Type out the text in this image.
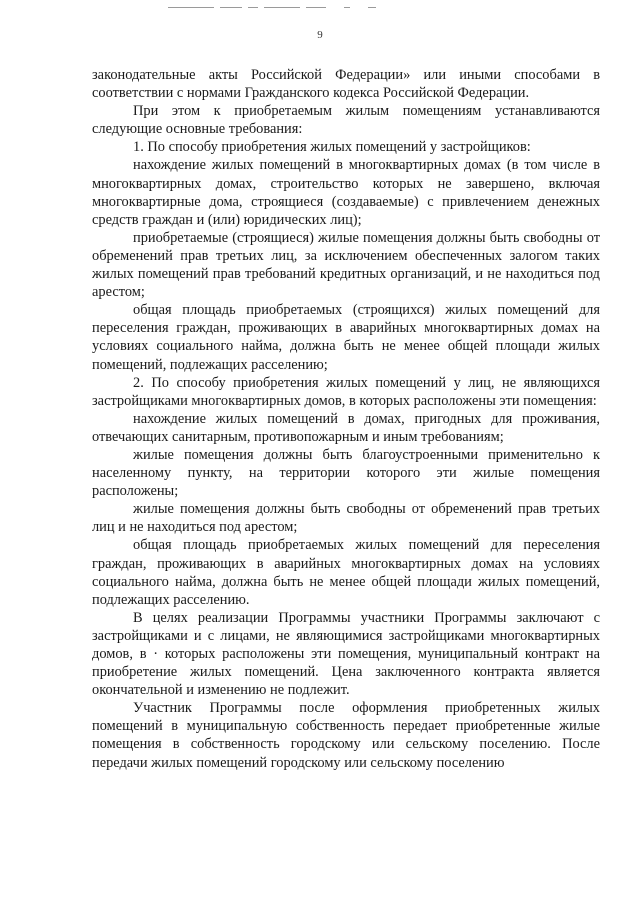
9

законодательные акты Российской Федерации» или иными способами в соответствии с нормами Гражданского кодекса Российской Федерации.

При этом к приобретаемым жилым помещениям устанавливаются следующие основные требования:

1. По способу приобретения жилых помещений у застройщиков:

нахождение жилых помещений в многоквартирных домах (в том числе в многоквартирных домах, строительство которых не завершено, включая многоквартирные дома, строящиеся (создаваемые) с привлечением денежных средств граждан и (или) юридических лиц);

приобретаемые (строящиеся) жилые помещения должны быть свободны от обременений прав третьих лиц, за исключением обеспеченных залогом таких жилых помещений прав требований кредитных организаций, и не находиться под арестом;

общая площадь приобретаемых (строящихся) жилых помещений для переселения граждан, проживающих в аварийных многоквартирных домах на условиях социального найма, должна быть не менее общей площади жилых помещений, подлежащих расселению;

2. По способу приобретения жилых помещений у лиц, не являющихся застройщиками многоквартирных домов, в которых расположены эти помещения:

нахождение жилых помещений в домах, пригодных для проживания, отвечающих санитарным, противопожарным и иным требованиям;

жилые помещения должны быть благоустроенными применительно к населенному пункту, на территории которого эти жилые помещения расположены;

жилые помещения должны быть свободны от обременений прав третьих лиц и не находиться под арестом;

общая площадь приобретаемых жилых помещений для переселения граждан, проживающих в аварийных многоквартирных домах на условиях социального найма, должна быть не менее общей площади жилых помещений, подлежащих расселению.

В целях реализации Программы участники Программы заключают с застройщиками и с лицами, не являющимися застройщиками многоквартирных домов, в · которых расположены эти помещения, муниципальный контракт на приобретение жилых помещений. Цена заключенного контракта является окончательной и изменению не подлежит.

Участник Программы после оформления приобретенных жилых помещений в муниципальную собственность передает приобретенные жилые помещения в собственность городскому или сельскому поселению. После передачи жилых помещений городскому или сельскому поселению
